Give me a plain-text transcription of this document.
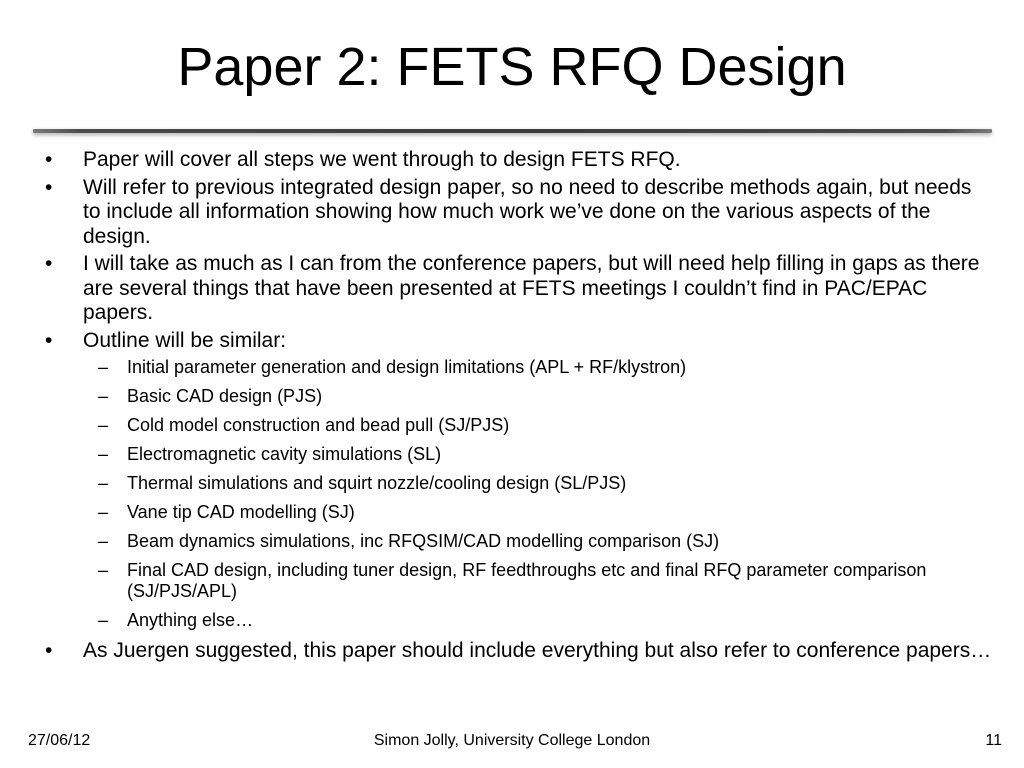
Paper 2: FETS RFQ Design
• Paper will cover all steps we went through to design FETS RFQ.
• Will refer to previous integrated design paper, so no need to describe methods again, but needs to include all information showing how much work we’ve done on the various aspects of the design.
• I will take as much as I can from the conference papers, but will need help filling in gaps as there are several things that have been presented at FETS meetings I couldn’t find in PAC/EPAC papers.
• Outline will be similar:
– Initial parameter generation and design limitations (APL + RF/klystron)
– Basic CAD design (PJS)
– Cold model construction and bead pull (SJ/PJS)
– Electromagnetic cavity simulations (SL)
– Thermal simulations and squirt nozzle/cooling design (SL/PJS)
– Vane tip CAD modelling (SJ)
– Beam dynamics simulations, inc RFQSIM/CAD modelling comparison (SJ)
– Final CAD design, including tuner design, RF feedthroughs etc and final RFQ parameter comparison (SJ/PJS/APL)
– Anything else…
• As Juergen suggested, this paper should include everything but also refer to conference papers…
27/06/12	Simon Jolly, University College London	11
